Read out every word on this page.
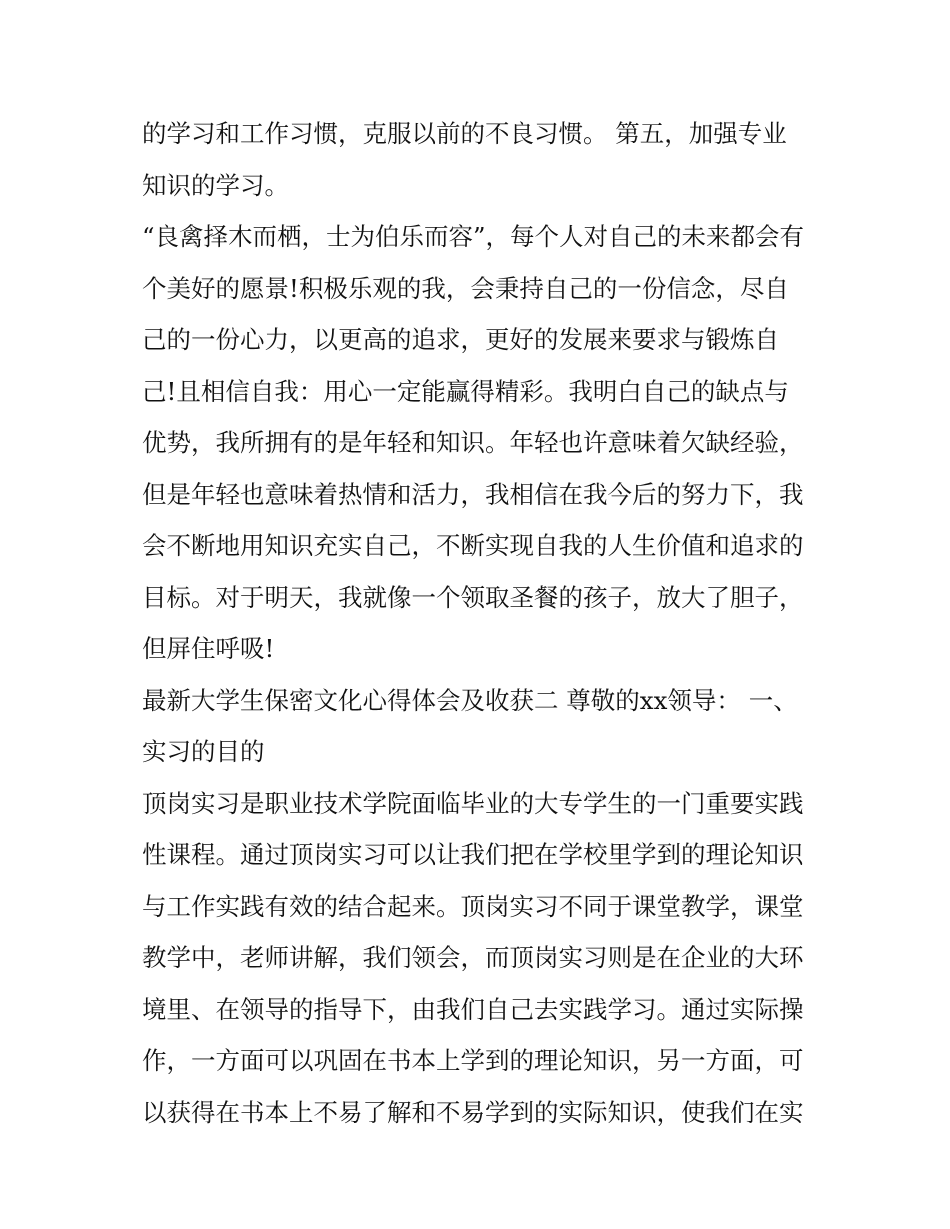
的学习和工作习惯，克服以前的不良习惯。 第五，加强专业
知识的学习。
“良禽择木而栖，士为伯乐而容”，每个人对自己的未来都会有
个美好的愿景!积极乐观的我，会秉持自己的一份信念，尽自
己的一份心力，以更高的追求，更好的发展来要求与锻炼自
己!且相信自我：用心一定能赢得精彩。我明白自己的缺点与
优势，我所拥有的是年轻和知识。年轻也许意味着欠缺经验，
但是年轻也意味着热情和活力，我相信在我今后的努力下，我
会不断地用知识充实自己，不断实现自我的人生价值和追求的
目标。对于明天，我就像一个领取圣餐的孩子，放大了胆子，
但屏住呼吸!
最新大学生保密文化心得体会及收获二 尊敬的xx领导： 一、
实习的目的
顶岗实习是职业技术学院面临毕业的大专学生的一门重要实践
性课程。通过顶岗实习可以让我们把在学校里学到的理论知识
与工作实践有效的结合起来。顶岗实习不同于课堂教学，课堂
教学中，老师讲解，我们领会，而顶岗实习则是在企业的大环
境里、在领导的指导下，由我们自己去实践学习。通过实际操
作，一方面可以巩固在书本上学到的理论知识，另一方面，可
以获得在书本上不易了解和不易学到的实际知识，使我们在实
